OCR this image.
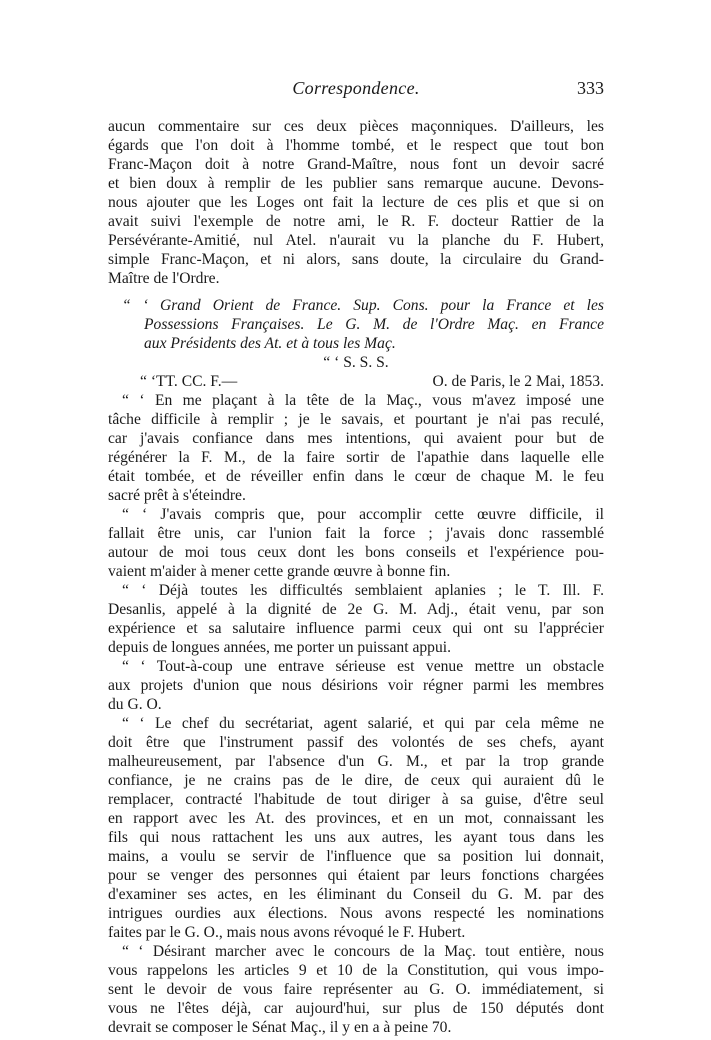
Correspondence.	333
aucun commentaire sur ces deux pièces maçonniques. D'ailleurs, les
égards que l'on doit à l'homme tombé, et le respect que tout bon
Franc-Maçon doit à notre Grand-Maître, nous font un devoir sacré
et bien doux à remplir de les publier sans remarque aucune. Devons-
nous ajouter que les Loges ont fait la lecture de ces plis et que si on
avait suivi l'exemple de notre ami, le R. F. docteur Rattier de la
Persévérante-Amitié, nul Atel. n'aurait vu la planche du F. Hubert,
simple Franc-Maçon, et ni alors, sans doute, la circulaire du Grand-
Maître de l'Ordre.
“ ‘ Grand Orient de France. Sup. Cons. pour la France et les
Possessions Françaises. Le G. M. de l'Ordre Maç. en France
aux Présidents des At. et à tous les Maç.
“ ‘ S. S. S.
“ ‘TT. CC. F.—	O. de Paris, le 2 Mai, 1853.
“ ‘ En me plaçant à la tête de la Maç., vous m'avez imposé une
tâche difficile à remplir ; je le savais, et pourtant je n'ai pas reculé,
car j'avais confiance dans mes intentions, qui avaient pour but de
régénérer la F. M., de la faire sortir de l'apathie dans laquelle elle
était tombée, et de réveiller enfin dans le cœur de chaque M. le feu
sacré prêt à s'éteindre.
“ ‘ J'avais compris que, pour accomplir cette œuvre difficile, il
fallait être unis, car l'union fait la force ; j'avais donc rassemblé
autour de moi tous ceux dont les bons conseils et l'expérience pou-
vaient m'aider à mener cette grande œuvre à bonne fin.
“ ‘ Déjà toutes les difficultés semblaient aplanies ; le T. Ill. F.
Desanlis, appelé à la dignité de 2e G. M. Adj., était venu, par son
expérience et sa salutaire influence parmi ceux qui ont su l'apprécier
depuis de longues années, me porter un puissant appui.
“ ‘ Tout-à-coup une entrave sérieuse est venue mettre un obstacle
aux projets d'union que nous désirions voir régner parmi les membres
du G. O.
“ ‘ Le chef du secrétariat, agent salarié, et qui par cela même ne
doit être que l'instrument passif des volontés de ses chefs, ayant
malheureusement, par l'absence d'un G. M., et par la trop grande
confiance, je ne crains pas de le dire, de ceux qui auraient dû le
remplacer, contracté l'habitude de tout diriger à sa guise, d'être seul
en rapport avec les At. des provinces, et en un mot, connaissant les
fils qui nous rattachent les uns aux autres, les ayant tous dans les
mains, a voulu se servir de l'influence que sa position lui donnait,
pour se venger des personnes qui étaient par leurs fonctions chargées
d'examiner ses actes, en les éliminant du Conseil du G. M. par des
intrigues ourdies aux élections. Nous avons respecté les nominations
faites par le G. O., mais nous avons révoqué le F. Hubert.
“ ‘ Désirant marcher avec le concours de la Maç. tout entière, nous
vous rappelons les articles 9 et 10 de la Constitution, qui vous impo-
sent le devoir de vous faire représenter au G. O. immédiatement, si
vous ne l'êtes déjà, car aujourd'hui, sur plus de 150 députés dont
devrait se composer le Sénat Maç., il y en a à peine 70.
